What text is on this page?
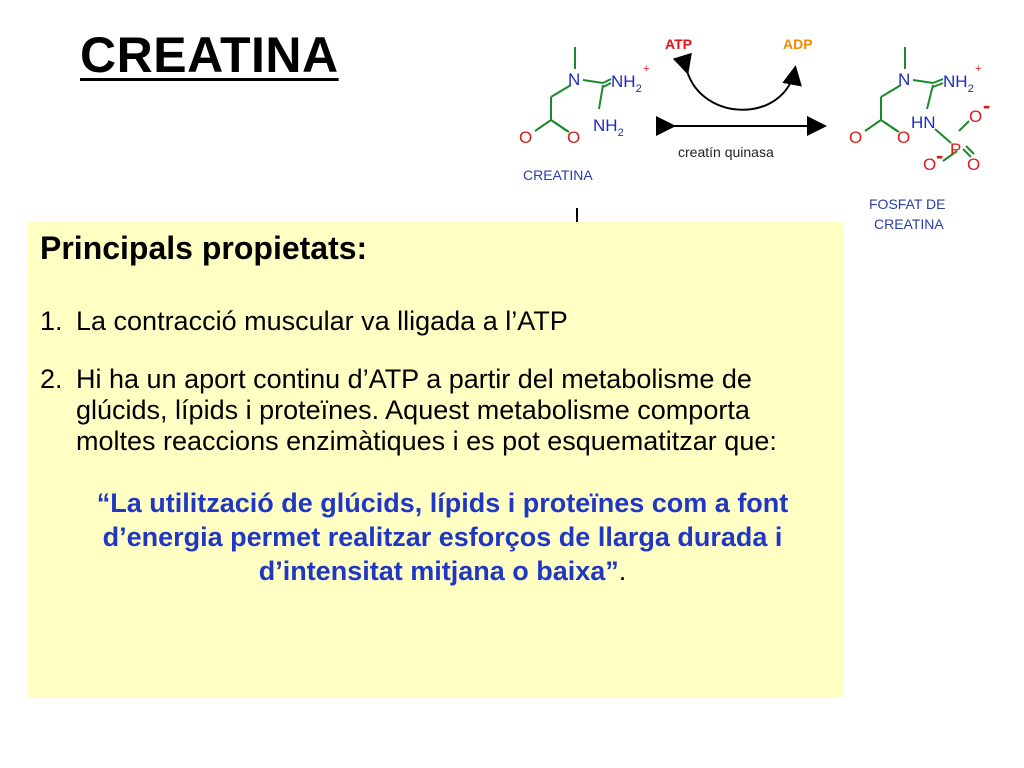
CREATINA	N $NH_2$
+
$NH_2$
O O
CREATINA
ATP	ADP
creatín quinasa
N $NH_2$
+
HN
O O
P
O -
O - O
FOSFAT DE
CREATINA
Principals propietats:
1. La contracció muscular va lligada a l’ATP
2. Hi ha un aport continu d’ATP a partir del metabolisme de glúcids, lípids i proteïnes. Aquest metabolisme comporta moltes reaccions enzimàtiques i es pot esquematitzar que:
“La utilització de glúcids, lípids i proteïnes com a font d’energia permet realitzar esforços de llarga durada i d’intensitat mitjana o baixa”.
